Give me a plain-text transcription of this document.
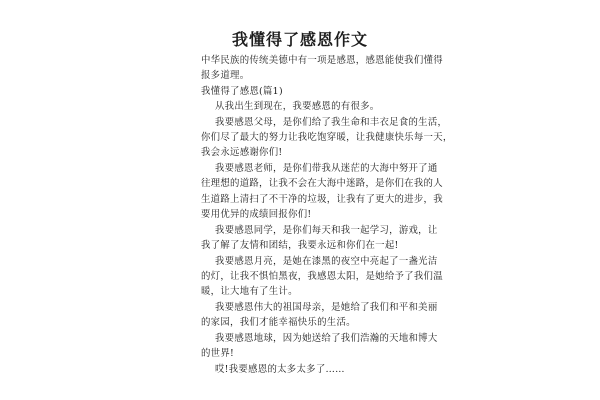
我懂得了感恩作文
中华民族的传统美德中有一项是感恩，感恩能使我们懂得
报多道理。
我懂得了感恩(篇1)
从我出生到现在，我要感恩的有很多。
我要感恩父母，是你们给了我生命和丰衣足食的生活，
你们尽了最大的努力让我吃饱穿暖，让我健康快乐每一天，
我会永远感谢你们!
我要感恩老师，是你们带我从迷茫的大海中努开了通
往理想的道路，让我不会在大海中迷路，是你们在我的人
生道路上清扫了不干净的垃圾，让我有了更大的进步，我
要用优异的成绩回报你们!
我要感恩同学，是你们每天和我一起学习，游戏，让
我了解了友情和团结，我要永远和你们在一起!
我要感恩月亮，是她在漆黑的夜空中亮起了一盏光洁
的灯，让我不惧怕黑夜，我感恩太阳，是她给予了我们温
暖，让大地有了生计。
我要感恩伟大的祖国母亲，是她给了我们和平和美丽
的家园，我们才能幸福快乐的生活。
我要感恩地球，因为她送给了我们浩瀚的天地和博大
的世界!
哎!我要感恩的太多太多了……
